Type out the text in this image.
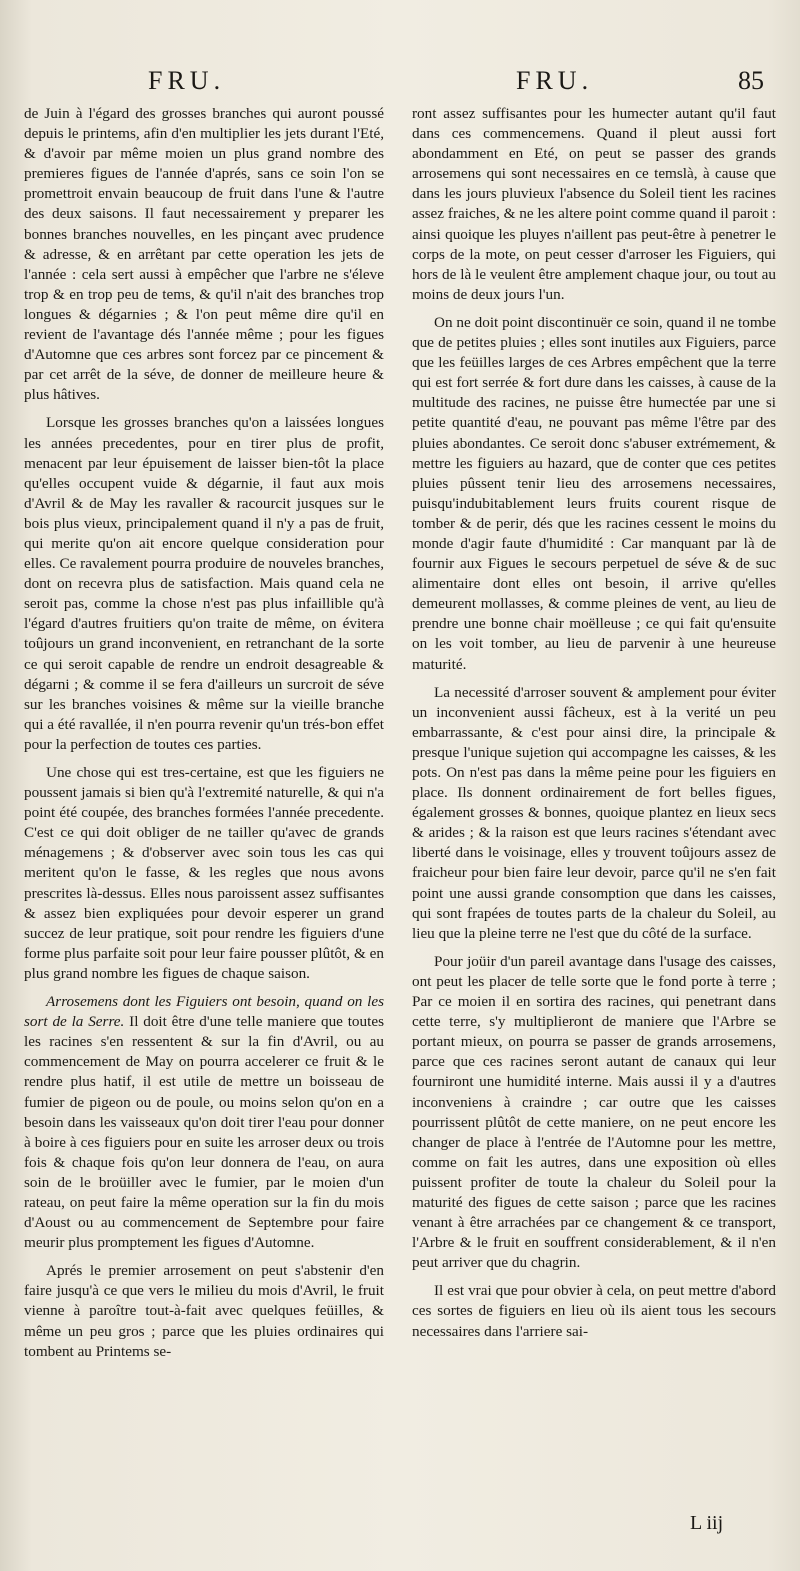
FRU.	FRU.	85

de Juin à l'égard des grosses branches qui auront poussé depuis le printems, afin d'en multiplier les jets durant l'Eté, & d'avoir par même moien un plus grand nombre des premieres figues de l'année d'aprés, sans ce soin l'on se promettroit envain beaucoup de fruit dans l'une & l'autre des deux saisons. Il faut necessairement y preparer les bonnes branches nouvelles, en les pinçant avec prudence & adresse, & en arrêtant par cette operation les jets de l'année : cela sert aussi à empêcher que l'arbre ne s'éleve trop & en trop peu de tems, & qu'il n'ait des branches trop longues & dégarnies ; & l'on peut même dire qu'il en revient de l'avantage dés l'année même ; pour les figues d'Automne que ces arbres sont forcez par ce pincement & par cet arrêt de la séve, de donner de meilleure heure & plus hâtives.

Lorsque les grosses branches qu'on a laissées longues les années precedentes, pour en tirer plus de profit, menacent par leur épuisement de laisser bien-tôt la place qu'elles occupent vuide & dégarnie, il faut aux mois d'Avril & de May les ravaller & racourcit jusques sur le bois plus vieux, principalement quand il n'y a pas de fruit, qui merite qu'on ait encore quelque consideration pour elles. Ce ravalement pourra produire de nouveles branches, dont on recevra plus de satisfaction. Mais quand cela ne seroit pas, comme la chose n'est pas plus infaillible qu'à l'égard d'autres fruitiers qu'on traite de même, on évitera toûjours un grand inconvenient, en retranchant de la sorte ce qui seroit capable de rendre un endroit desagreable & dégarni ; & comme il se fera d'ailleurs un surcroit de séve sur les branches voisines & même sur la vieille branche qui a été ravallée, il n'en pourra revenir qu'un trés-bon effet pour la perfection de toutes ces parties.

Une chose qui est tres-certaine, est que les figuiers ne poussent jamais si bien qu'à l'extremité naturelle, & qui n'a point été coupée, des branches formées l'année precedente. C'est ce qui doit obliger de ne tailler qu'avec de grands ménagemens ; & d'observer avec soin tous les cas qui meritent qu'on le fasse, & les regles que nous avons prescrites là-dessus. Elles nous paroissent assez suffisantes & assez bien expliquées pour devoir esperer un grand succez de leur pratique, soit pour rendre les figuiers d'une forme plus parfaite soit pour leur faire pousser plûtôt, & en plus grand nombre les figues de chaque saison.

Arrosemens dont les Figuiers ont besoin, quand on les sort de la Serre. Il doit être d'une telle maniere que toutes les racines s'en ressentent & sur la fin d'Avril, ou au commencement de May on pourra accelerer ce fruit & le rendre plus hatif, il est utile de mettre un boisseau de fumier de pigeon ou de poule, ou moins selon qu'on en a besoin dans les vaisseaux qu'on doit tirer l'eau pour donner à boire à ces figuiers pour en suite les arroser deux ou trois fois & chaque fois qu'on leur donnera de l'eau, on aura soin de le broüiller avec le fumier, par le moien d'un rateau, on peut faire la même operation sur la fin du mois d'Aoust ou au commencement de Septembre pour faire meurir plus promptement les figues d'Automne.

Aprés le premier arrosement on peut s'abstenir d'en faire jusqu'à ce que vers le milieu du mois d'Avril, le fruit vienne à paroître tout-à-fait avec quelques feüilles, & même un peu gros ; parce que les pluies ordinaires qui tombent au Printems se-

ront assez suffisantes pour les humecter autant qu'il faut dans ces commencemens. Quand il pleut aussi fort abondamment en Eté, on peut se passer des grands arrosemens qui sont necessaires en ce temslà, à cause que dans les jours pluvieux l'absence du Soleil tient les racines assez fraiches, & ne les altere point comme quand il paroit : ainsi quoique les pluyes n'aillent pas peut-être à penetrer le corps de la mote, on peut cesser d'arroser les Figuiers, qui hors de là le veulent être amplement chaque jour, ou tout au moins de deux jours l'un.

On ne doit point discontinuër ce soin, quand il ne tombe que de petites pluies ; elles sont inutiles aux Figuiers, parce que les feüilles larges de ces Arbres empêchent que la terre qui est fort serrée & fort dure dans les caisses, à cause de la multitude des racines, ne puisse être humectée par une si petite quantité d'eau, ne pouvant pas même l'être par des pluies abondantes. Ce seroit donc s'abuser extrémement, & mettre les figuiers au hazard, que de conter que ces petites pluies pûssent tenir lieu des arrosemens necessaires, puisqu'indubitablement leurs fruits courent risque de tomber & de perir, dés que les racines cessent le moins du monde d'agir faute d'humidité : Car manquant par là de fournir aux Figues le secours perpetuel de séve & de suc alimentaire dont elles ont besoin, il arrive qu'elles demeurent mollasses, & comme pleines de vent, au lieu de prendre une bonne chair moëlleuse ; ce qui fait qu'ensuite on les voit tomber, au lieu de parvenir à une heureuse maturité.

La necessité d'arroser souvent & amplement pour éviter un inconvenient aussi fâcheux, est à la verité un peu embarrassante, & c'est pour ainsi dire, la principale & presque l'unique sujetion qui accompagne les caisses, & les pots. On n'est pas dans la même peine pour les figuiers en place. Ils donnent ordinairement de fort belles figues, également grosses & bonnes, quoique plantez en lieux secs & arides ; & la raison est que leurs racines s'étendant avec liberté dans le voisinage, elles y trouvent toûjours assez de fraicheur pour bien faire leur devoir, parce qu'il ne s'en fait point une aussi grande consomption que dans les caisses, qui sont frapées de toutes parts de la chaleur du Soleil, au lieu que la pleine terre ne l'est que du côté de la surface.

Pour joüir d'un pareil avantage dans l'usage des caisses, ont peut les placer de telle sorte que le fond porte à terre ; Par ce moien il en sortira des racines, qui penetrant dans cette terre, s'y multiplieront de maniere que l'Arbre se portant mieux, on pourra se passer de grands arrosemens, parce que ces racines seront autant de canaux qui leur fourniront une humidité interne. Mais aussi il y a d'autres inconveniens à craindre ; car outre que les caisses pourrissent plûtôt de cette maniere, on ne peut encore les changer de place à l'entrée de l'Automne pour les mettre, comme on fait les autres, dans une exposition où elles puissent profiter de toute la chaleur du Soleil pour la maturité des figues de cette saison ; parce que les racines venant à être arrachées par ce changement & ce transport, l'Arbre & le fruit en souffrent considerablement, & il n'en peut arriver que du chagrin.

Il est vrai que pour obvier à cela, on peut mettre d'abord ces sortes de figuiers en lieu où ils aient tous les secours necessaires dans l'arriere sai-

L iij
